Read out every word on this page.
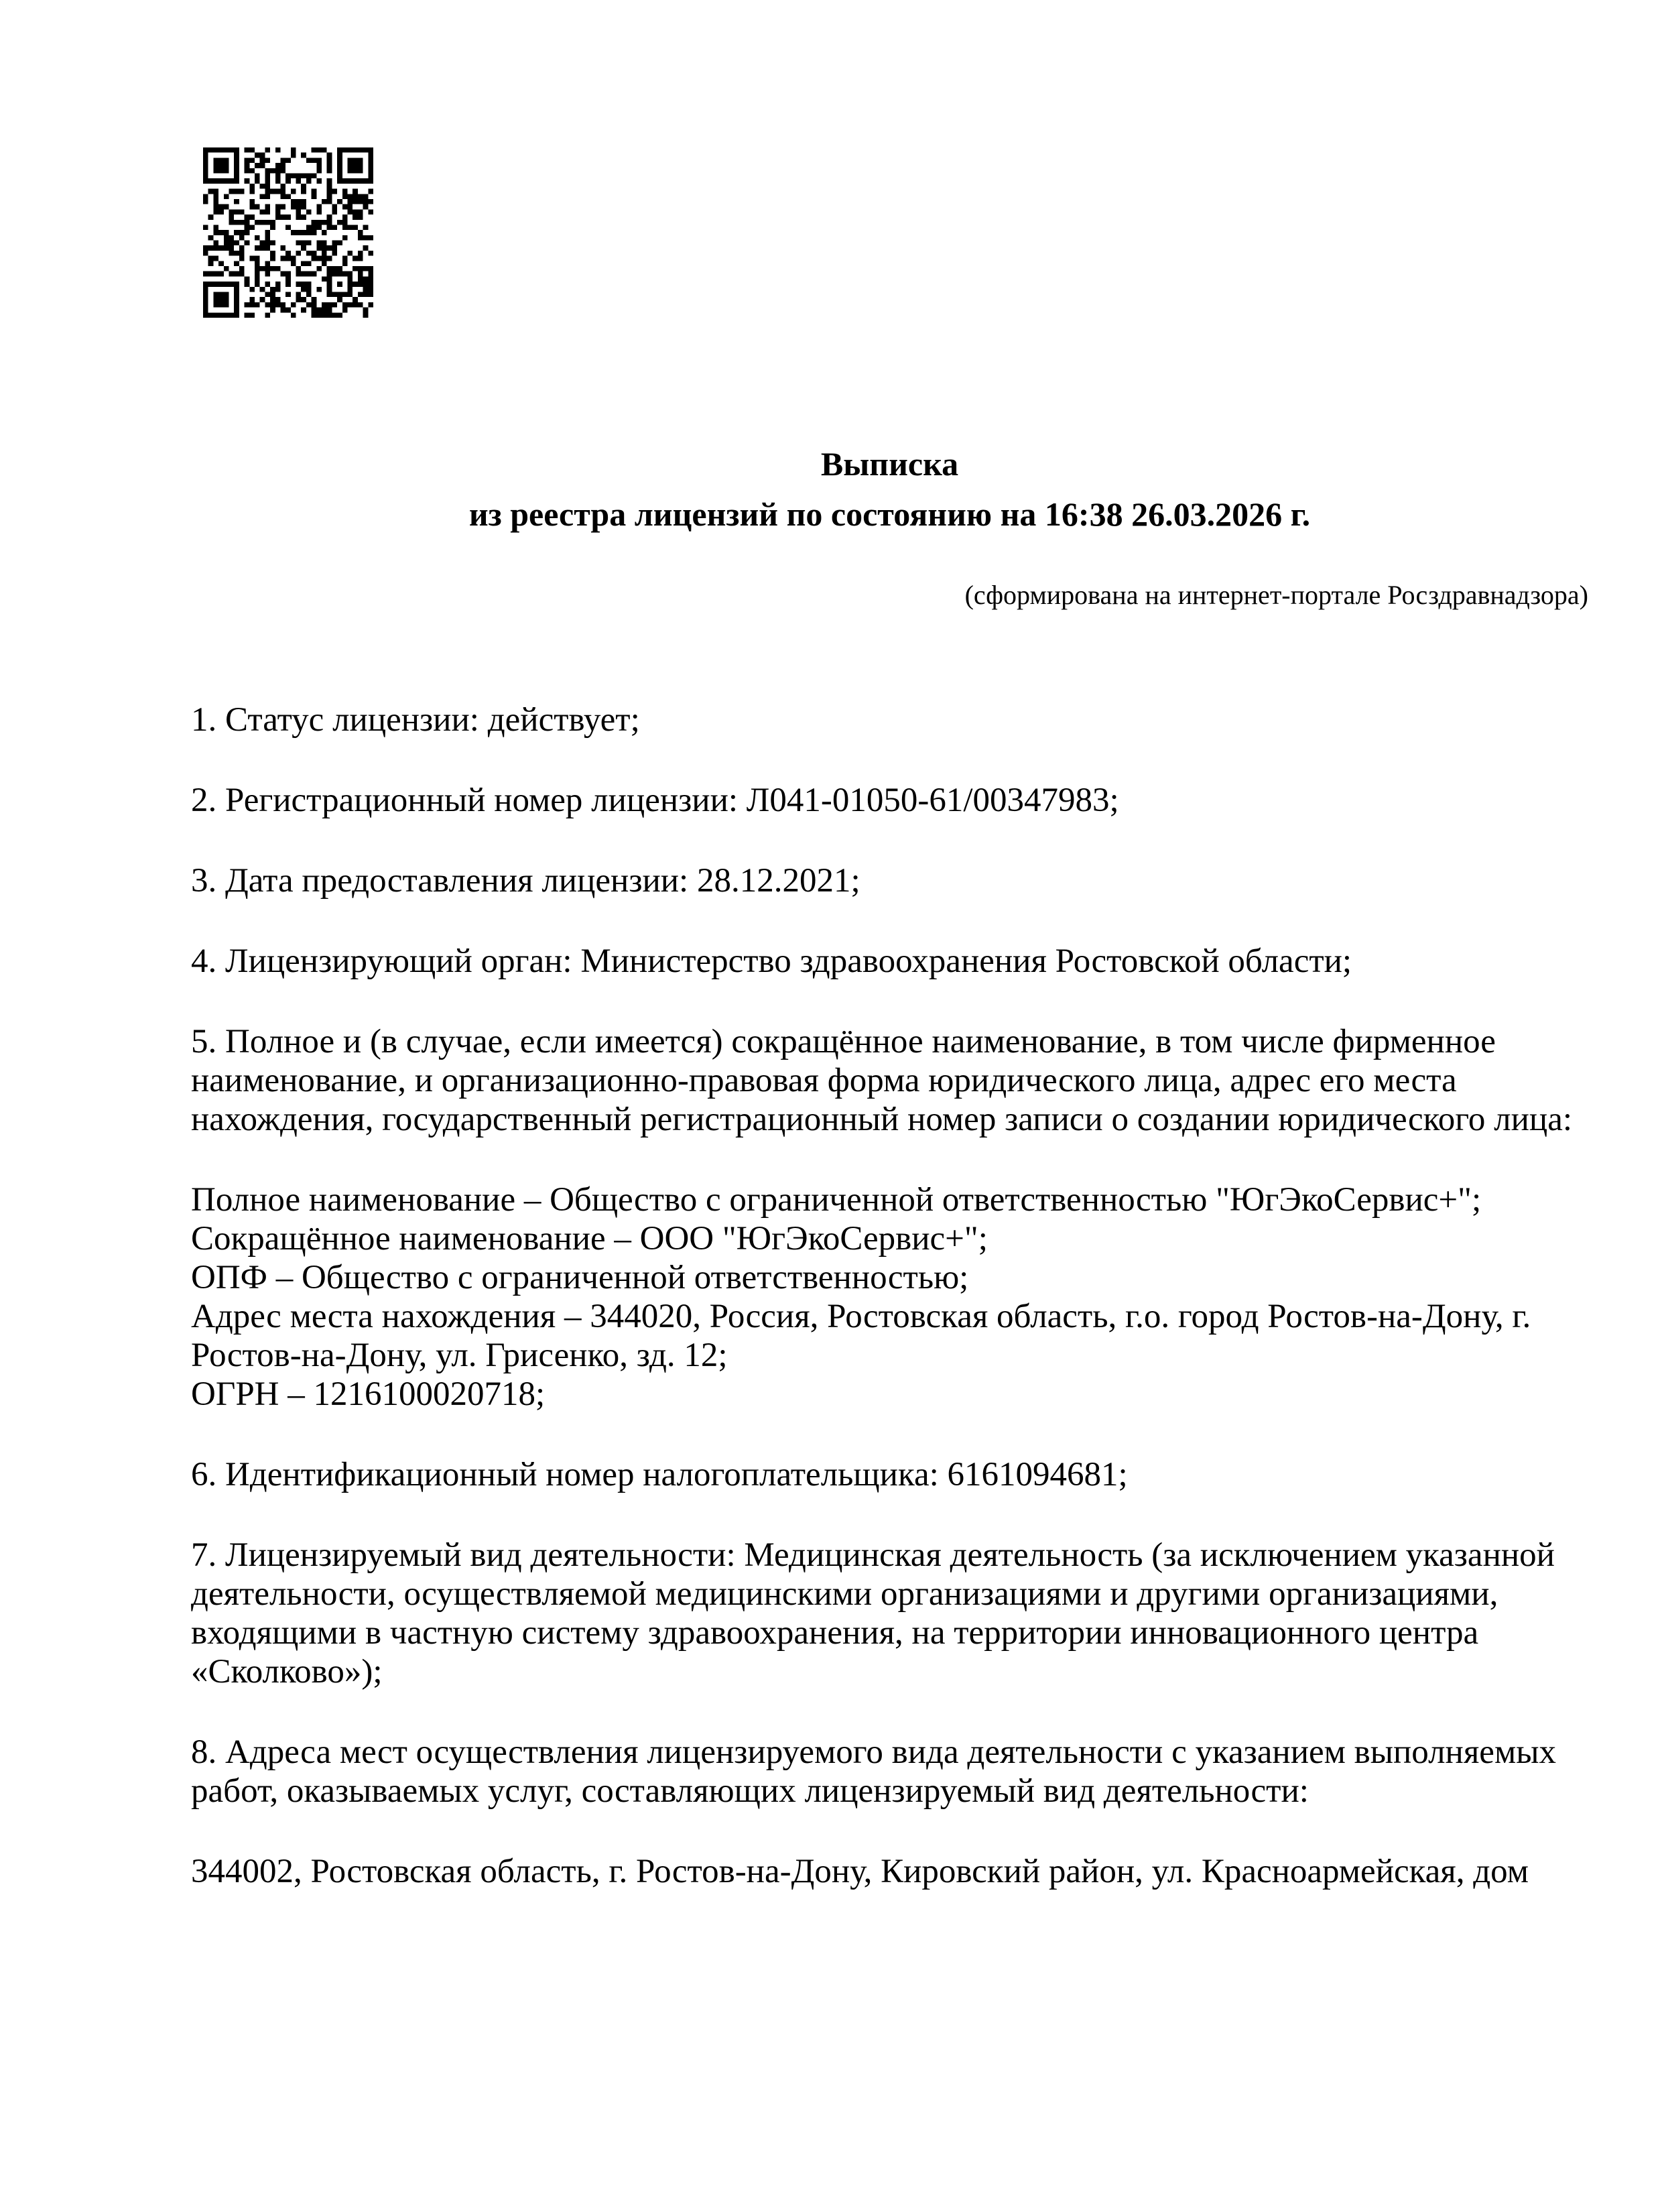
Выписка
из реестра лицензий по состоянию на 16:38 26.03.2026 г.

(сформирована на интернет-портале Росздравнадзора)

1. Статус лицензии: действует;

2. Регистрационный номер лицензии: Л041-01050-61/00347983;

3. Дата предоставления лицензии: 28.12.2021;

4. Лицензирующий орган: Министерство здравоохранения Ростовской области;

5. Полное и (в случае, если имеется) сокращённое наименование, в том числе фирменное наименование, и организационно-правовая форма юридического лица, адрес его места нахождения, государственный регистрационный номер записи о создании юридического лица:

Полное наименование – Общество с ограниченной ответственностью "ЮгЭкоСервис+";
Сокращённое наименование – ООО "ЮгЭкоСервис+";
ОПФ – Общество с ограниченной ответственностью;
Адрес места нахождения – 344020, Россия, Ростовская область, г.о. город Ростов-на-Дону, г. Ростов-на-Дону, ул. Грисенко, зд. 12;
ОГРН – 1216100020718;

6. Идентификационный номер налогоплательщика: 6161094681;

7. Лицензируемый вид деятельности: Медицинская деятельность (за исключением указанной деятельности, осуществляемой медицинскими организациями и другими организациями, входящими в частную систему здравоохранения, на территории инновационного центра «Сколково»);

8. Адреса мест осуществления лицензируемого вида деятельности с указанием выполняемых работ, оказываемых услуг, составляющих лицензируемый вид деятельности:

344002, Ростовская область, г. Ростов-на-Дону, Кировский район, ул. Красноармейская, дом
